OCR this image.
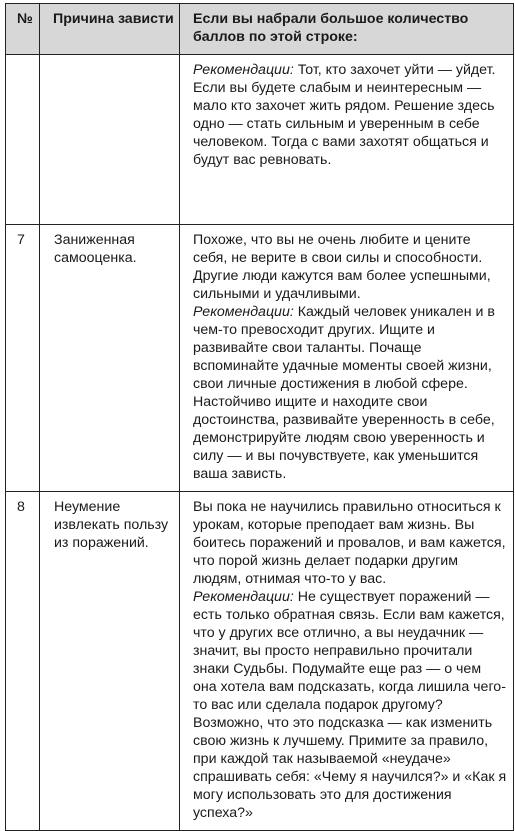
№	Причина зависти	Если вы набрали большое количество баллов по этой строке:

		Рекомендации: Тот, кто захочет уйти — уйдет. Если вы будете слабым и неинтересным — мало кто захочет жить рядом. Решение здесь одно — стать сильным и уверенным в себе человеком. Тогда с вами захотят общаться и будут вас ревновать.

7	Заниженная самооценка.	Похоже, что вы не очень любите и цените себя, не верите в свои силы и способности. Другие люди кажутся вам более успешными, сильными и удачливыми.

Рекомендации: Каждый человек уникален и в чем-то превосходит других. Ищите и развивайте свои таланты. Почаще вспоминайте удачные моменты своей жизни, свои личные достижения в любой сфере. Настойчиво ищите и находите свои достоинства, развивайте уверенность в себе, демонстрируйте людям свою уверенность и силу — и вы почувствуете, как уменьшится ваша зависть.

8	Неумение извлекать пользу из поражений.	Вы пока не научились правильно относиться к урокам, которые преподает вам жизнь. Вы боитесь поражений и провалов, и вам кажется, что порой жизнь делает подарки другим людям, отнимая что-то у вас.

Рекомендации: Не существует поражений — есть только обратная связь. Если вам кажется, что у других все отлично, а вы неудачник — значит, вы просто неправильно прочитали знаки Судьбы. Подумайте еще раз — о чем она хотела вам подсказать, когда лишила чего-то вас или сделала подарок другому? Возможно, что это подсказка — как изменить свою жизнь к лучшему. Примите за правило, при каждой так называемой «неудаче» спрашивать себя: «Чему я научился?» и «Как я могу использовать это для достижения успеха?»
